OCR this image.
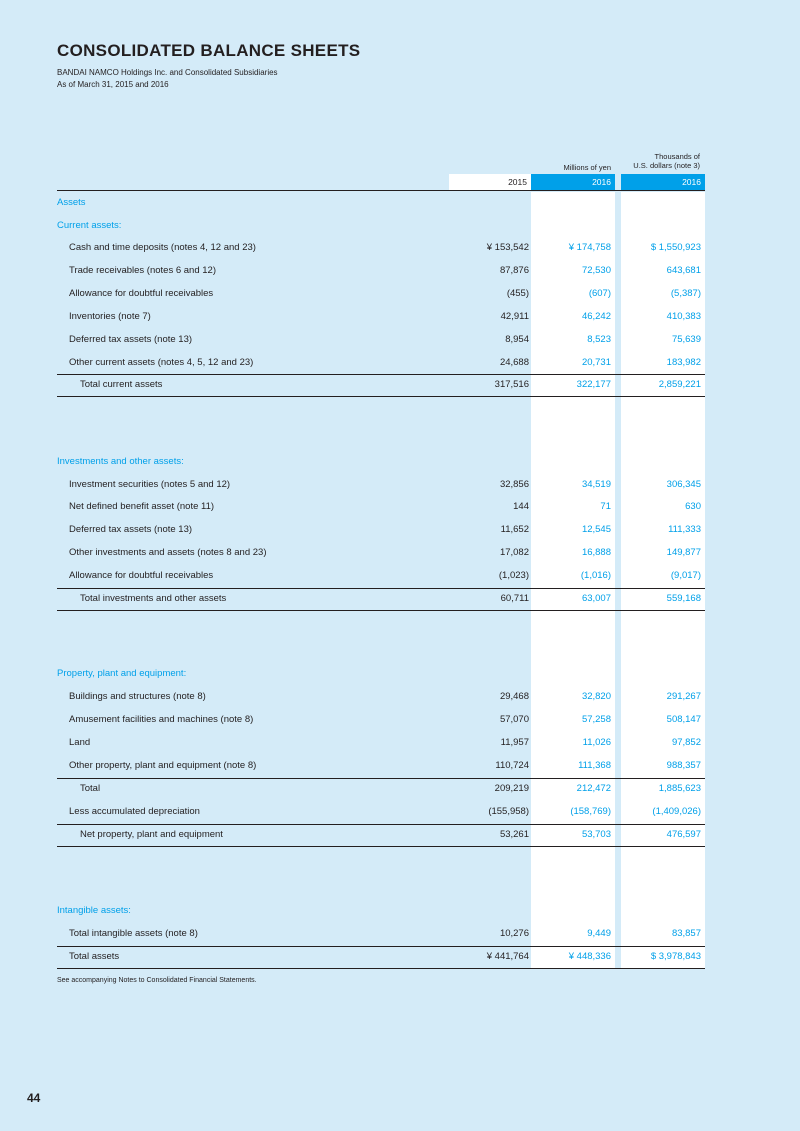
CONSOLIDATED BALANCE SHEETS
BANDAI NAMCO Holdings Inc. and Consolidated Subsidiaries
As of March 31, 2015 and 2016
Millions of yen
Thousands of
U.S. dollars (note 3)
2015	2016	2016
Assets
Current assets:
Cash and time deposits (notes 4, 12 and 23)	¥ 153,542	¥ 174,758	$ 1,550,923
Trade receivables (notes 6 and 12)	87,876	72,530	643,681
Allowance for doubtful receivables	(455)	(607)	(5,387)
Inventories (note 7)	42,911	46,242	410,383
Deferred tax assets (note 13)	8,954	8,523	75,639
Other current assets (notes 4, 5, 12 and 23)	24,688	20,731	183,982
Total current assets	317,516	322,177	2,859,221
Investments and other assets:
Investment securities (notes 5 and 12)	32,856	34,519	306,345
Net defined benefit asset (note 11)	144	71	630
Deferred tax assets (note 13)	11,652	12,545	111,333
Other investments and assets (notes 8 and 23)	17,082	16,888	149,877
Allowance for doubtful receivables	(1,023)	(1,016)	(9,017)
Total investments and other assets	60,711	63,007	559,168
Property, plant and equipment:
Buildings and structures (note 8)	29,468	32,820	291,267
Amusement facilities and machines (note 8)	57,070	57,258	508,147
Land	11,957	11,026	97,852
Other property, plant and equipment (note 8)	110,724	111,368	988,357
Total	209,219	212,472	1,885,623
Less accumulated depreciation	(155,958)	(158,769)	(1,409,026)
Net property, plant and equipment	53,261	53,703	476,597
Intangible assets:
Total intangible assets (note 8)	10,276	9,449	83,857
Total assets	¥ 441,764	¥ 448,336	$ 3,978,843
See accompanying Notes to Consolidated Financial Statements.
44
